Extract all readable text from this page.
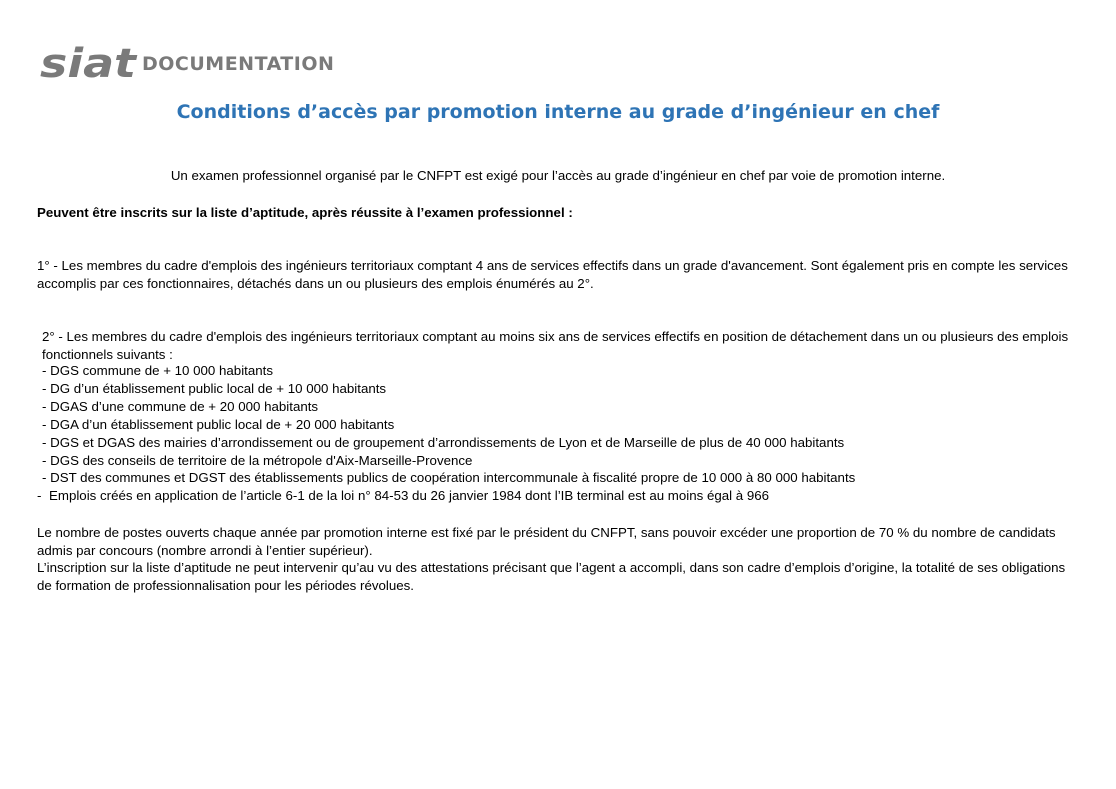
siat DOCUMENTATION
Conditions d’accès par promotion interne au grade d’ingénieur en chef

Un examen professionnel organisé par le CNFPT est exigé pour l’accès au grade d’ingénieur en chef par voie de promotion interne.

Peuvent être inscrits sur la liste d’aptitude, après réussite à l’examen professionnel :

1° - Les membres du cadre d'emplois des ingénieurs territoriaux comptant 4 ans de services effectifs dans un grade d'avancement. Sont également pris en compte les services accomplis par ces fonctionnaires, détachés dans un ou plusieurs des emplois énumérés au 2°.

2° - Les membres du cadre d'emplois des ingénieurs territoriaux comptant au moins six ans de services effectifs en position de détachement dans un ou plusieurs des emplois fonctionnels suivants :

- DGS commune de + 10 000 habitants
- DG d’un établissement public local de + 10 000 habitants
- DGAS d’une commune de + 20 000 habitants
- DGA d’un établissement public local de + 20 000 habitants
- DGS et DGAS des mairies d’arrondissement ou de groupement d’arrondissements de Lyon et de Marseille de plus de 40 000 habitants
- DGS des conseils de territoire de la métropole d'Aix-Marseille-Provence
- DST des communes et DGST des établissements publics de coopération intercommunale à fiscalité propre de 10 000 à 80 000 habitants

- Emplois créés en application de l’article 6-1 de la loi n° 84-53 du 26 janvier 1984 dont l’IB terminal est au moins égal à 966

Le nombre de postes ouverts chaque année par promotion interne est fixé par le président du CNFPT, sans pouvoir excéder une proportion de 70 % du nombre de candidats admis par concours (nombre arrondi à l’entier supérieur).

L’inscription sur la liste d’aptitude ne peut intervenir qu’au vu des attestations précisant que l’agent a accompli, dans son cadre d’emplois d’origine, la totalité de ses obligations de formation de professionnalisation pour les périodes révolues.
